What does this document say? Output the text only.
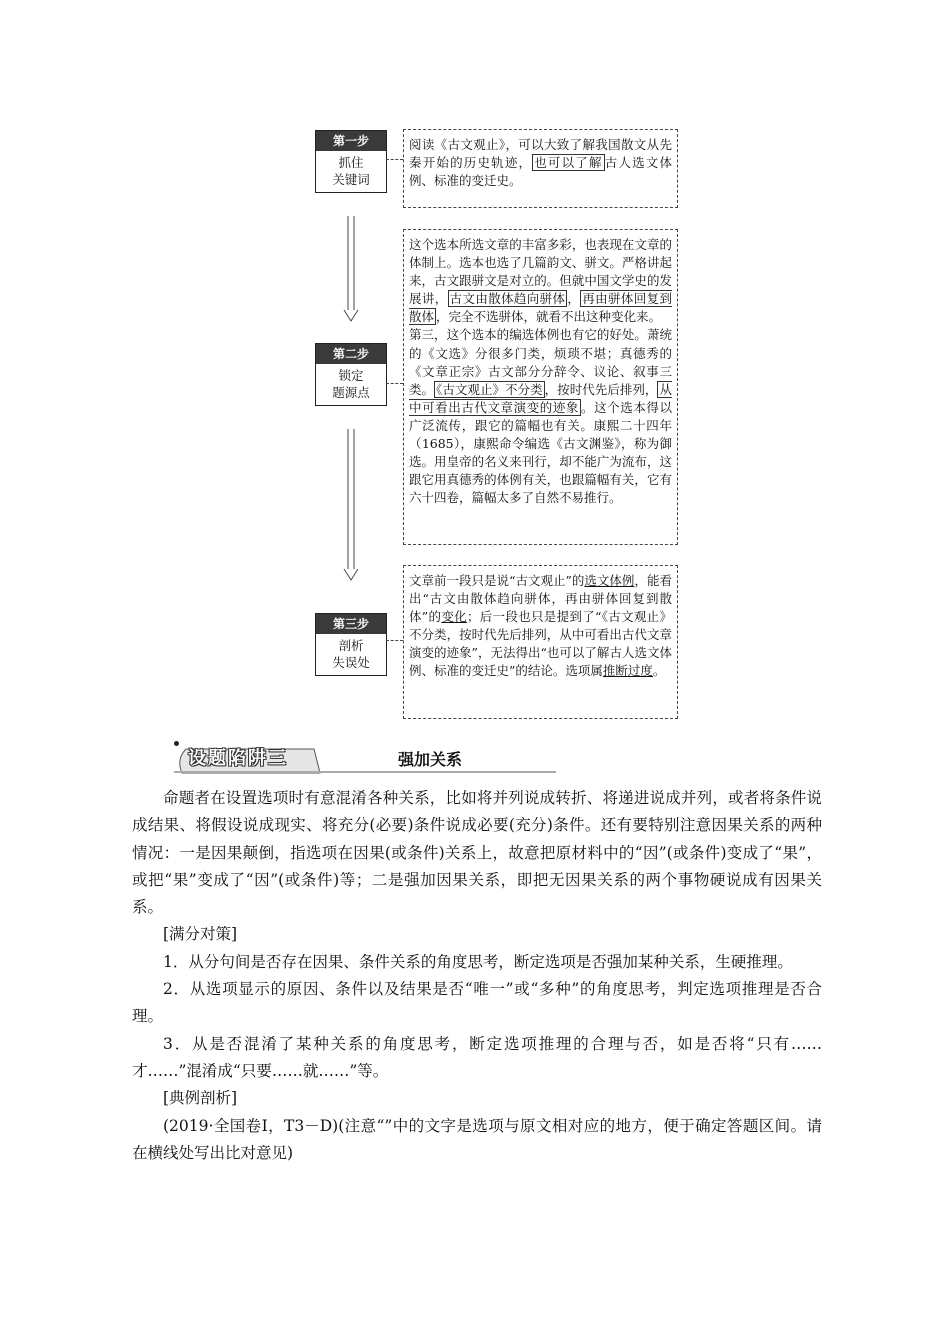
第一步
抓住
关键词

阅读《古文观止》，可以大致了解我国散文从先秦开始的历史轨迹， 也可以了解 古人选文体例、标准的变迁史。

第二步
锁定
题源点

这个选本所选文章的丰富多彩，也表现在文章的体制上。选本也选了几篇韵文、骈文。严格讲起来，古文跟骈文是对立的。但就中国文学史的发展讲， 古文由散体趋向骈体 ， 再由骈体回复到散体 ，完全不选骈体，就看不出这种变化来。

第三，这个选本的编选体例也有它的好处。萧统的《文选》分很多门类，烦琐不堪；真德秀的《文章正宗》古文部分分辞令、议论、叙事三类。 《古文观止》不分类 ，按时代先后排列， 从中可看出古代文章演变的迹象 。这个选本得以广泛流传，跟它的篇幅也有关。康熙二十四年（1685），康熙命令编选《古文渊鉴》，称为御选。用皇帝的名义来刊行，却不能广为流布，这跟它用真德秀的体例有关，也跟篇幅有关，它有六十四卷，篇幅太多了自然不易推行。

第三步
剖析
失误处

文章前一段只是说“古文观止”的选文体例，能看出“古文由散体趋向骈体，再由骈体回复到散体”的变化；后一段也只是提到了“《古文观止》不分类，按时代先后排列，从中可看出古代文章演变的迹象”，无法得出“也可以了解古人选文体例、标准的变迁史”的结论。选项属推断过度。

设题陷阱三	强加关系

命题者在设置选项时有意混淆各种关系，比如将并列说成转折、将递进说成并列，或者将条件说成结果、将假设说成现实、将充分(必要)条件说成必要(充分)条件。还有要特别注意因果关系的两种情况：一是因果颠倒，指选项在因果(或条件)关系上，故意把原材料中的“因”(或条件)变成了“果”，或把“果”变成了“因”(或条件)等；二是强加因果关系，即把无因果关系的两个事物硬说成有因果关系。

[满分对策]

1．从分句间是否存在因果、条件关系的角度思考，断定选项是否强加某种关系，生硬推理。

2．从选项显示的原因、条件以及结果是否“唯一”或“多种”的角度思考，判定选项推理是否合理。

3．从是否混淆了某种关系的角度思考，断定选项推理的合理与否，如是否将“只有……才……”混淆成“只要……就……”等。

[典例剖析]

(2019·全国卷Ⅰ，T3－D)(注意“”中的文字是选项与原文相对应的地方，便于确定答题区间。请在横线处写出比对意见)
